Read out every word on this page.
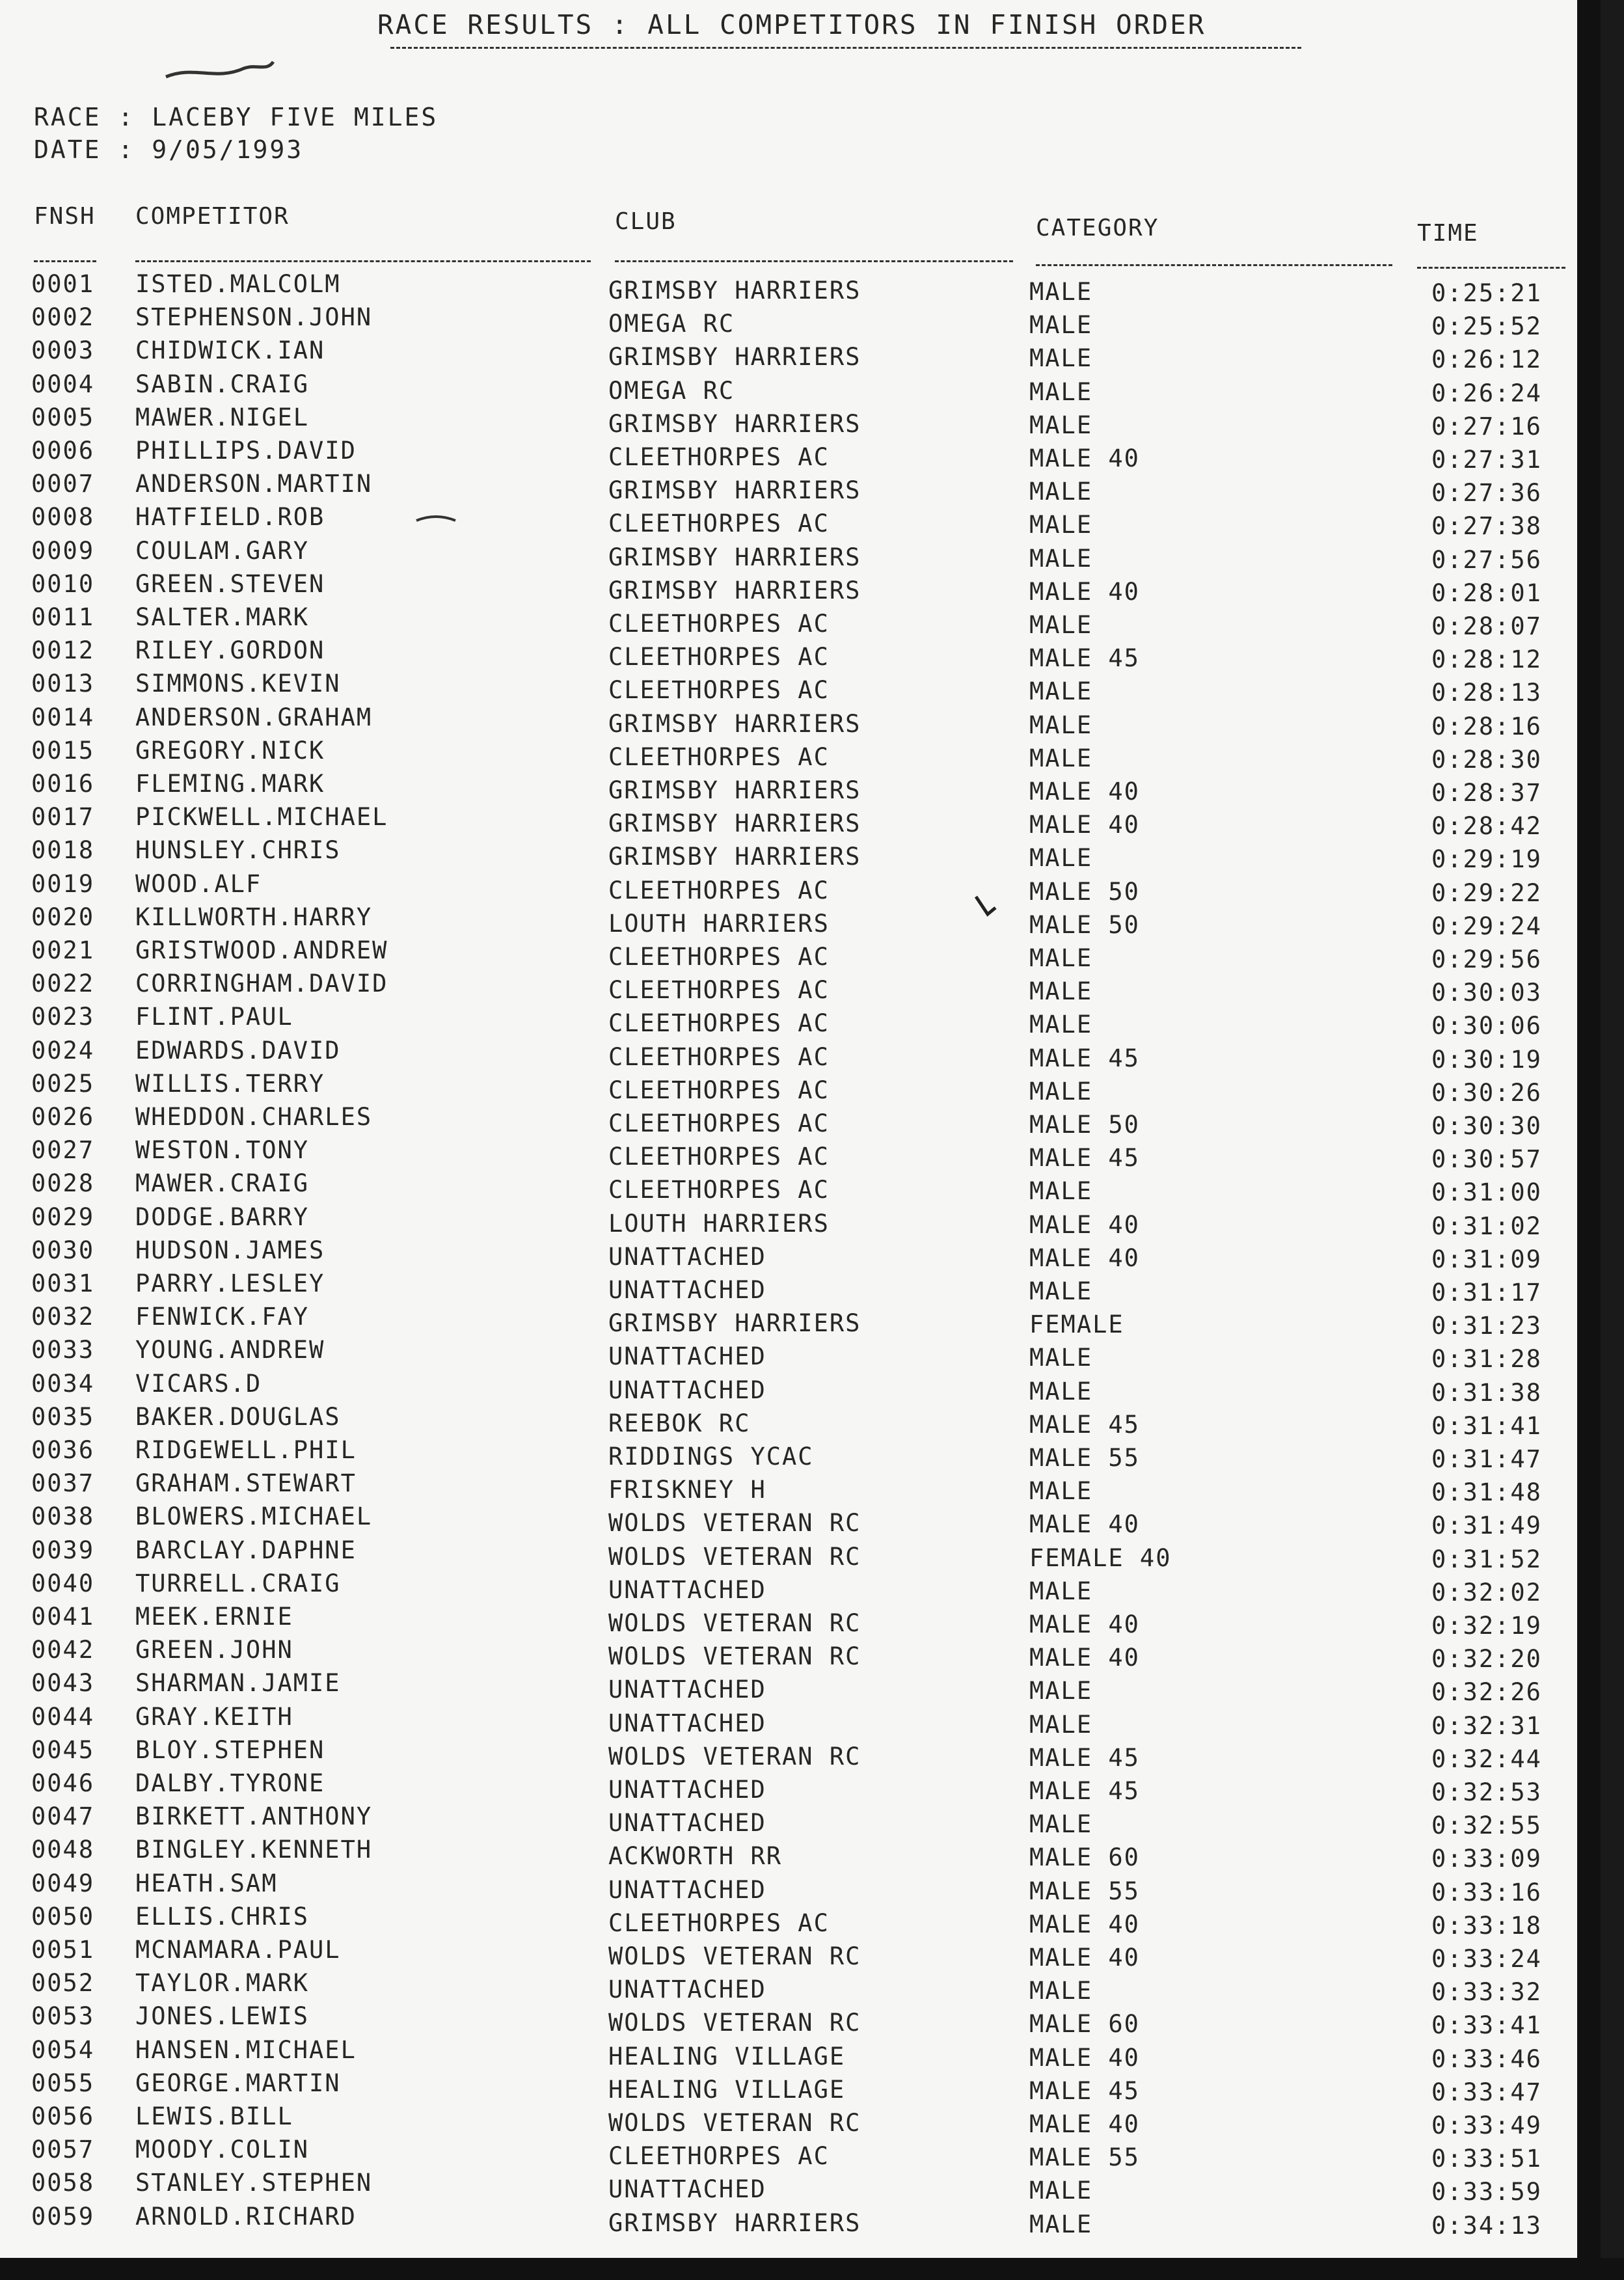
RACE RESULTS : ALL COMPETITORS IN FINISH ORDER
RACE : LACEBY FIVE MILES
DATE : 9/05/1993
FNSH COMPETITOR	CLUB	CATEGORY	TIME
0001 ISTED.MALCOLM	GRIMSBY HARRIERS	MALE	0:25:21
0002 STEPHENSON.JOHN	OMEGA RC	MALE	0:25:52
0003 CHIDWICK.IAN	GRIMSBY HARRIERS	MALE	0:26:12
0004 SABIN.CRAIG	OMEGA RC	MALE	0:26:24
0005 MAWER.NIGEL	GRIMSBY HARRIERS	MALE	0:27:16
0006 PHILLIPS.DAVID	CLEETHORPES AC	MALE 40	0:27:31
0007 ANDERSON.MARTIN	GRIMSBY HARRIERS	MALE	0:27:36
0008 HATFIELD.ROB	CLEETHORPES AC	MALE	0:27:38
0009 COULAM.GARY	GRIMSBY HARRIERS	MALE	0:27:56
0010 GREEN.STEVEN	GRIMSBY HARRIERS	MALE 40	0:28:01
0011 SALTER.MARK	CLEETHORPES AC	MALE	0:28:07
0012 RILEY.GORDON	CLEETHORPES AC	MALE 45	0:28:12
0013 SIMMONS.KEVIN	CLEETHORPES AC	MALE	0:28:13
0014 ANDERSON.GRAHAM	GRIMSBY HARRIERS	MALE	0:28:16
0015 GREGORY.NICK	CLEETHORPES AC	MALE	0:28:30
0016 FLEMING.MARK	GRIMSBY HARRIERS	MALE 40	0:28:37
0017 PICKWELL.MICHAEL	GRIMSBY HARRIERS	MALE 40	0:28:42
0018 HUNSLEY.CHRIS	GRIMSBY HARRIERS	MALE	0:29:19
0019 WOOD.ALF	CLEETHORPES AC	MALE 50	0:29:22
0020 KILLWORTH.HARRY	LOUTH HARRIERS	MALE 50	0:29:24
0021 GRISTWOOD.ANDREW	CLEETHORPES AC	MALE	0:29:56
0022 CORRINGHAM.DAVID	CLEETHORPES AC	MALE	0:30:03
0023 FLINT.PAUL	CLEETHORPES AC	MALE	0:30:06
0024 EDWARDS.DAVID	CLEETHORPES AC	MALE 45	0:30:19
0025 WILLIS.TERRY	CLEETHORPES AC	MALE	0:30:26
0026 WHEDDON.CHARLES	CLEETHORPES AC	MALE 50	0:30:30
0027 WESTON.TONY	CLEETHORPES AC	MALE 45	0:30:57
0028 MAWER.CRAIG	CLEETHORPES AC	MALE	0:31:00
0029 DODGE.BARRY	LOUTH HARRIERS	MALE 40	0:31:02
0030 HUDSON.JAMES	UNATTACHED	MALE 40	0:31:09
0031 PARRY.LESLEY	UNATTACHED	MALE	0:31:17
0032 FENWICK.FAY	GRIMSBY HARRIERS	FEMALE	0:31:23
0033 YOUNG.ANDREW	UNATTACHED	MALE	0:31:28
0034 VICARS.D	UNATTACHED	MALE	0:31:38
0035 BAKER.DOUGLAS	REEBOK RC	MALE 45	0:31:41
0036 RIDGEWELL.PHIL	RIDDINGS YCAC	MALE 55	0:31:47
0037 GRAHAM.STEWART	FRISKNEY H	MALE	0:31:48
0038 BLOWERS.MICHAEL	WOLDS VETERAN RC	MALE 40	0:31:49
0039 BARCLAY.DAPHNE	WOLDS VETERAN RC	FEMALE 40	0:31:52
0040 TURRELL.CRAIG	UNATTACHED	MALE	0:32:02
0041 MEEK.ERNIE	WOLDS VETERAN RC	MALE 40	0:32:19
0042 GREEN.JOHN	WOLDS VETERAN RC	MALE 40	0:32:20
0043 SHARMAN.JAMIE	UNATTACHED	MALE	0:32:26
0044 GRAY.KEITH	UNATTACHED	MALE	0:32:31
0045 BLOY.STEPHEN	WOLDS VETERAN RC	MALE 45	0:32:44
0046 DALBY.TYRONE	UNATTACHED	MALE 45	0:32:53
0047 BIRKETT.ANTHONY	UNATTACHED	MALE	0:32:55
0048 BINGLEY.KENNETH	ACKWORTH RR	MALE 60	0:33:09
0049 HEATH.SAM	UNATTACHED	MALE 55	0:33:16
0050 ELLIS.CHRIS	CLEETHORPES AC	MALE 40	0:33:18
0051 MCNAMARA.PAUL	WOLDS VETERAN RC	MALE 40	0:33:24
0052 TAYLOR.MARK	UNATTACHED	MALE	0:33:32
0053 JONES.LEWIS	WOLDS VETERAN RC	MALE 60	0:33:41
0054 HANSEN.MICHAEL	HEALING VILLAGE	MALE 40	0:33:46
0055 GEORGE.MARTIN	HEALING VILLAGE	MALE 45	0:33:47
0056 LEWIS.BILL	WOLDS VETERAN RC	MALE 40	0:33:49
0057 MOODY.COLIN	CLEETHORPES AC	MALE 55	0:33:51
0058 STANLEY.STEPHEN	UNATTACHED	MALE	0:33:59
0059 ARNOLD.RICHARD	GRIMSBY HARRIERS	MALE	0:34:13
